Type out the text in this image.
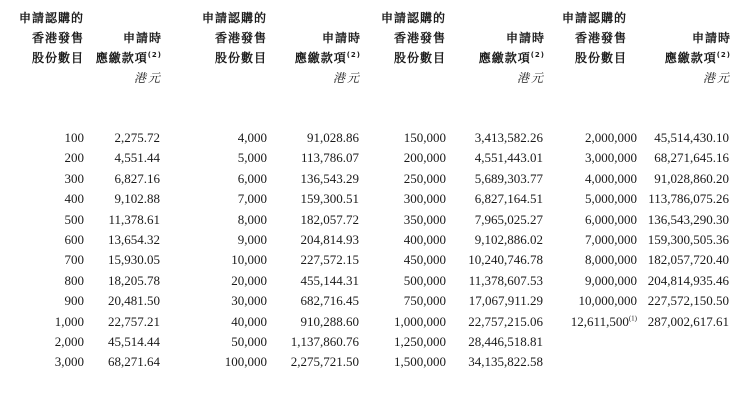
申請認購的
香港發售
股份數目

申請時
應繳款項$^{(2)}$
港元
100
200
300
400
500
600
700
800
900
1,000
2,000
3,000
2,275.72
4,551.44
6,827.16
9,102.88
11,378.61
13,654.32
15,930.05
18,205.78
20,481.50
22,757.21
45,514.44
68,271.64
申請認購的
香港發售
股份數目

申請時
應繳款項$^{(2)}$
港元
4,000
5,000
6,000
7,000
8,000
9,000
10,000
20,000
30,000
40,000
50,000
100,000
91,028.86
113,786.07
136,543.29
159,300.51
182,057.72
204,814.93
227,572.15
455,144.31
682,716.45
910,288.60
1,137,860.76
2,275,721.50
申請認購的
香港發售
股份數目

申請時
應繳款項$^{(2)}$
港元
150,000
200,000
250,000
300,000
350,000
400,000
450,000
500,000
750,000
1,000,000
1,250,000
1,500,000
3,413,582.26
4,551,443.01
5,689,303.77
6,827,164.51
7,965,025.27
9,102,886.02
10,240,746.78
11,378,607.53
17,067,911.29
22,757,215.06
28,446,518.81
34,135,822.58
申請認購的
香港發售
股份數目

申請時
應繳款項$^{(2)}$
港元
2,000,000
3,000,000
4,000,000
5,000,000
6,000,000
7,000,000
8,000,000
9,000,000
10,000,000
12,611,500$^{(1)}$
45,514,430.10
68,271,645.16
91,028,860.20
113,786,075.26
136,543,290.30
159,300,505.36
182,057,720.40
204,814,935.46
227,572,150.50
287,002,617.61
